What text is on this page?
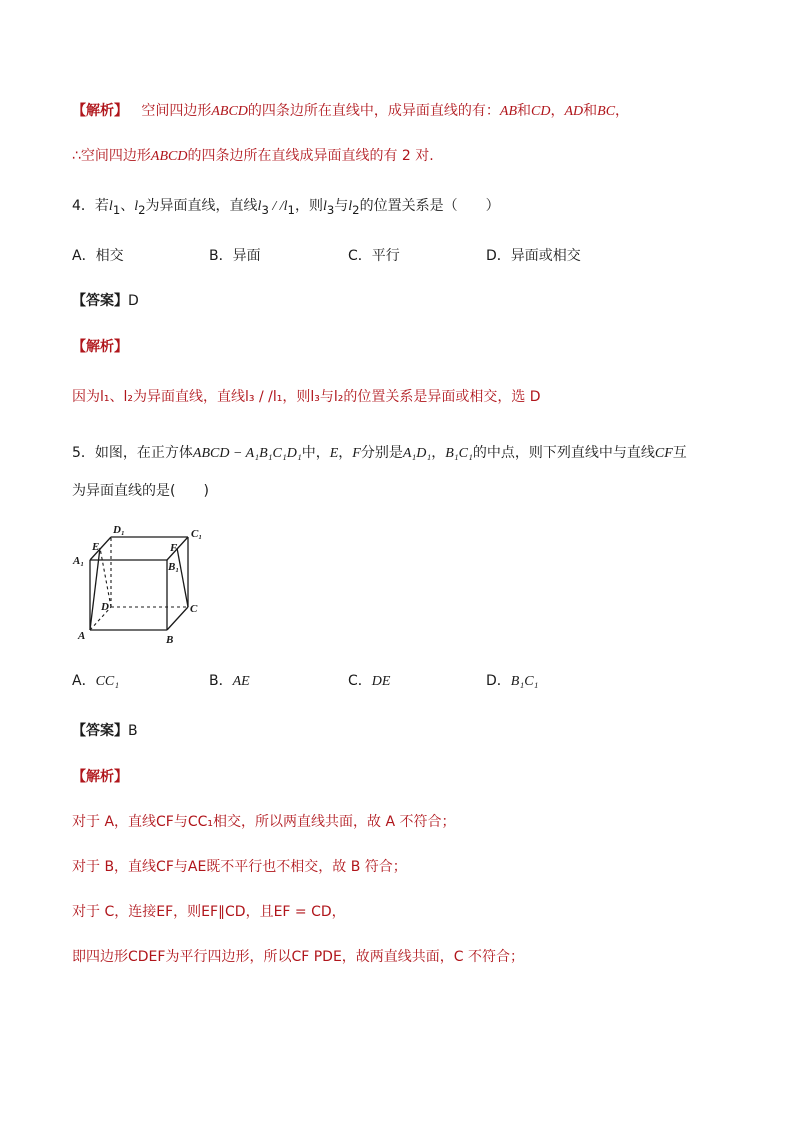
【解析】 空间四边形ABCD的四条边所在直线中，成异面直线的有：AB和CD，AD和BC，
∴空间四边形ABCD的四条边所在直线成异面直线的有 2 对.
4．若$l_1$、$l_2$为异面直线，直线$l_3 / /l_1$，则$l_3$与$l_2$的位置关系是（　　）
A．相交	B．异面	C．平行	D．异面或相交
【答案】D
【解析】
因为l₁、l₂为异面直线，直线l₃ / /l₁，则l₃与l₂的位置关系是异面或相交，选 D
5．如图，在正方体ABCD − A₁B₁C₁D₁中，E，F分别是A₁D₁，B₁C₁的中点，则下列直线中与直线CF互
为异面直线的是(　　)
D₁	C₁
E	F
A₁	B₁
D	C
A	B
A．CC₁	B．AE	C．DE	D．B₁C₁
【答案】B
【解析】
对于 A，直线CF与CC₁相交，所以两直线共面，故 A 不符合；
对于 B，直线CF与AE既不平行也不相交，故 B 符合；
对于 C，连接EF，则EF∥CD，且EF = CD，
即四边形CDEF为平行四边形，所以CF PDE，故两直线共面，C 不符合；
